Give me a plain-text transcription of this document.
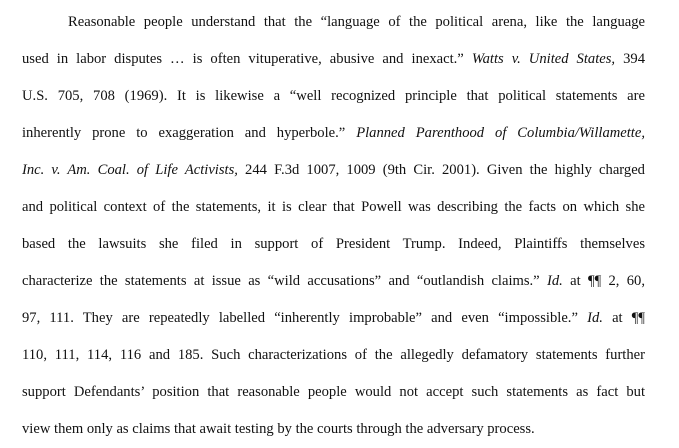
Reasonable people understand that the “language of the political arena, like the language
used in labor disputes … is often vituperative, abusive and inexact.” Watts v. United States, 394
U.S. 705, 708 (1969). It is likewise a “well recognized principle that political statements are
inherently prone to exaggeration and hyperbole.” Planned Parenthood of Columbia/Willamette,
Inc. v. Am. Coal. of Life Activists, 244 F.3d 1007, 1009 (9th Cir. 2001). Given the highly charged
and political context of the statements, it is clear that Powell was describing the facts on which she
based the lawsuits she filed in support of President Trump. Indeed, Plaintiffs themselves
characterize the statements at issue as “wild accusations” and “outlandish claims.” Id. at ¶¶ 2, 60,
97, 111. They are repeatedly labelled “inherently improbable” and even “impossible.” Id. at ¶¶
110, 111, 114, 116 and 185. Such characterizations of the allegedly defamatory statements further
support Defendants’ position that reasonable people would not accept such statements as fact but
view them only as claims that await testing by the courts through the adversary process.
